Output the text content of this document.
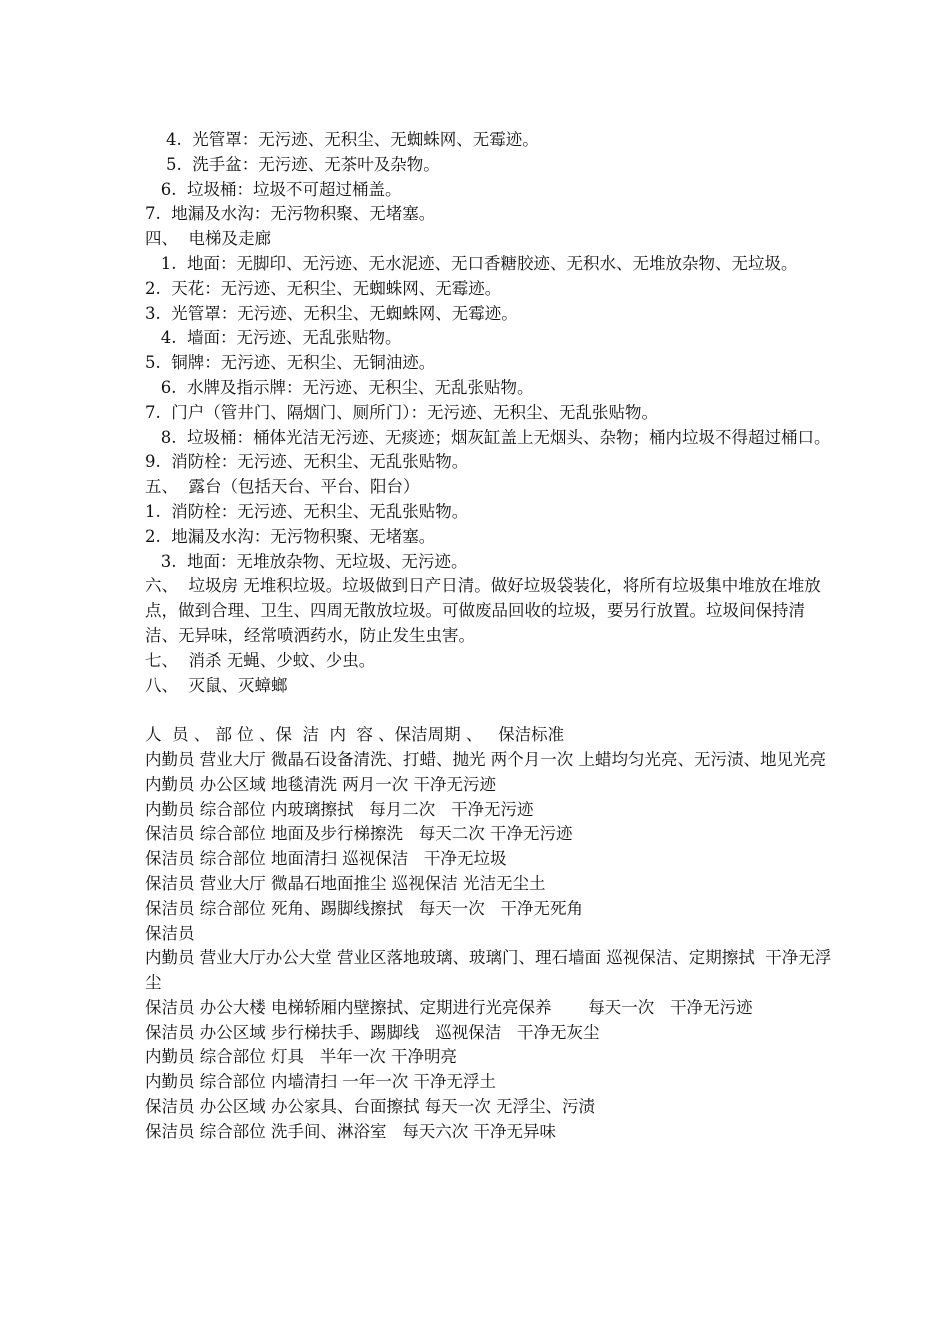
4.  光管罩：无污迹、无积尘、无蜘蛛网、无霉迹。
5.  洗手盆：无污迹、无茶叶及杂物。
6.  垃圾桶：垃圾不可超过桶盖。
7.  地漏及水沟：无污物积聚、无堵塞。
四、  电梯及走廊
1.  地面：无脚印、无污迹、无水泥迹、无口香糖胶迹、无积水、无堆放杂物、无垃圾。
2.  天花：无污迹、无积尘、无蜘蛛网、无霉迹。
3.  光管罩：无污迹、无积尘、无蜘蛛网、无霉迹。
4.  墙面：无污迹、无乱张贴物。
5.  铜牌：无污迹、无积尘、无铜油迹。
6.  水牌及指示牌：无污迹、无积尘、无乱张贴物。
7.  门户（管井门、隔烟门、厕所门）：无污迹、无积尘、无乱张贴物。
8.  垃圾桶：桶体光洁无污迹、无痰迹；烟灰缸盖上无烟头、杂物；桶内垃圾不得超过桶口。
9.  消防栓：无污迹、无积尘、无乱张贴物。
五、  露台（包括天台、平台、阳台）
1.  消防栓：无污迹、无积尘、无乱张贴物。
2.  地漏及水沟：无污物积聚、无堵塞。
3.  地面：无堆放杂物、无垃圾、无污迹。
六、  垃圾房 无堆积垃圾。垃圾做到日产日清。做好垃圾袋装化，将所有垃圾集中堆放在堆放点，做到合理、卫生、四周无散放垃圾。可做废品回收的垃圾，要另行放置。垃圾间保持清洁、无异味，经常喷洒药水，防止发生虫害。
七、  消杀 无蝇、少蚊、少虫。
八、  灭鼠、灭蟑螂
人  员 、 部 位 、保  洁  内  容 、保洁周期 、   保洁标准
内勤员 营业大厅 微晶石设备清洗、打蜡、抛光 两个月一次 上蜡均匀光亮、无污渍、地见光亮
内勤员 办公区域 地毯清洗 两月一次 干净无污迹
内勤员 综合部位 内玻璃擦拭   每月二次   干净无污迹
保洁员 综合部位 地面及步行梯擦洗   每天二次 干净无污迹
保洁员 综合部位 地面清扫 巡视保洁   干净无垃圾
保洁员 营业大厅 微晶石地面推尘 巡视保洁 光洁无尘土
保洁员 综合部位 死角、踢脚线擦拭   每天一次   干净无死角
保洁员
内勤员 营业大厅办公大堂 营业区落地玻璃、玻璃门、理石墙面 巡视保洁、定期擦拭  干净无浮尘
保洁员 办公大楼 电梯轿厢内壁擦拭、定期进行光亮保养       每天一次   干净无污迹
保洁员 办公区域 步行梯扶手、踢脚线   巡视保洁   干净无灰尘
内勤员 综合部位 灯具   半年一次 干净明亮
内勤员 综合部位 内墙清扫 一年一次 干净无浮土
保洁员 办公区域 办公家具、台面擦拭 每天一次 无浮尘、污渍
保洁员 综合部位 洗手间、淋浴室   每天六次 干净无异味
